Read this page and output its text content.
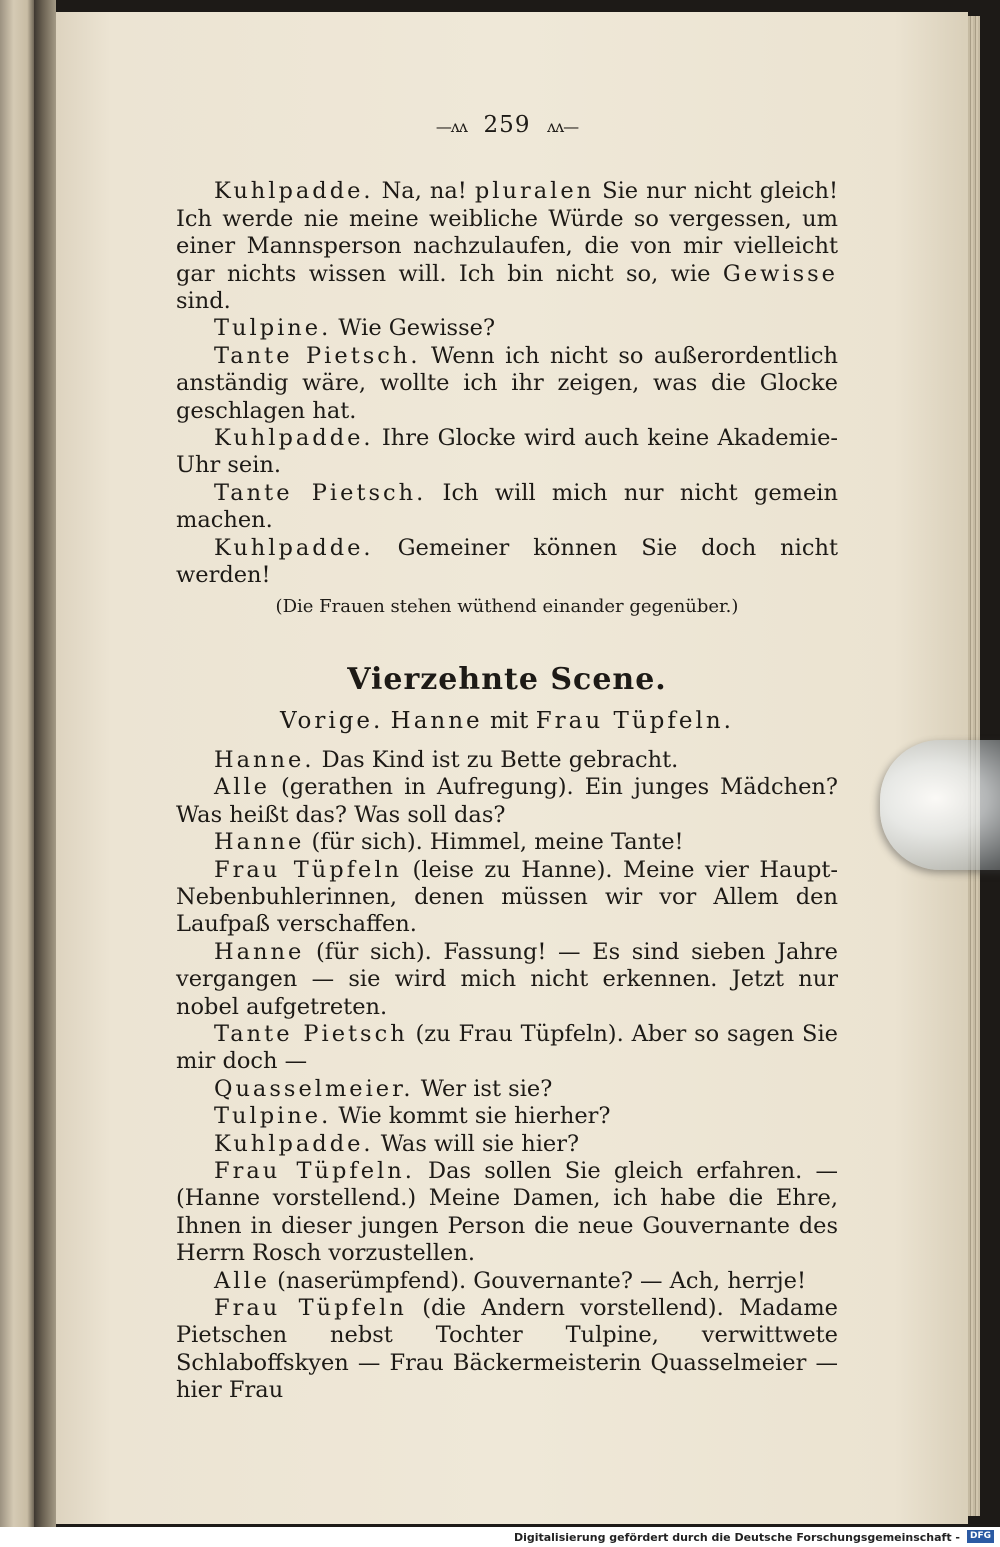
—ʌʌ 259 ʌʌ—

Kuhlpadde. Na, na! pluralen Sie nur nicht gleich! Ich werde nie meine weibliche Würde so vergessen, um einer Mannsperson nachzulaufen, die von mir vielleicht gar nichts wissen will. Ich bin nicht so, wie Gewisse sind.

Tulpine. Wie Gewisse?

Tante Pietsch. Wenn ich nicht so außerordentlich anständig wäre, wollte ich ihr zeigen, was die Glocke geschlagen hat.

Kuhlpadde. Ihre Glocke wird auch keine Akademie-Uhr sein.

Tante Pietsch. Ich will mich nur nicht gemein machen.

Kuhlpadde. Gemeiner können Sie doch nicht werden!

(Die Frauen stehen wüthend einander gegenüber.)

Vierzehnte Scene.
Vorige. Hanne mit Frau Tüpfeln.

Hanne. Das Kind ist zu Bette gebracht.

Alle (gerathen in Aufregung). Ein junges Mädchen? Was heißt das? Was soll das?

Hanne (für sich). Himmel, meine Tante!

Frau Tüpfeln (leise zu Hanne). Meine vier Haupt-Nebenbuhlerinnen, denen müssen wir vor Allem den Laufpaß verschaffen.

Hanne (für sich). Fassung! — Es sind sieben Jahre vergangen — sie wird mich nicht erkennen. Jetzt nur nobel aufgetreten.

Tante Pietsch (zu Frau Tüpfeln). Aber so sagen Sie mir doch —

Quasselmeier. Wer ist sie?

Tulpine. Wie kommt sie hierher?

Kuhlpadde. Was will sie hier?

Frau Tüpfeln. Das sollen Sie gleich erfahren. — (Hanne vorstellend.) Meine Damen, ich habe die Ehre, Ihnen in dieser jungen Person die neue Gouvernante des Herrn Rosch vorzustellen.

Alle (naserümpfend). Gouvernante? — Ach, herrje!

Frau Tüpfeln (die Andern vorstellend). Madame Pietschen nebst Tochter Tulpine, verwittwete Schlaboffskyen — Frau Bäckermeisterin Quasselmeier — hier Frau

Digitalisierung gefördert durch die Deutsche Forschungsgemeinschaft -	DFG
